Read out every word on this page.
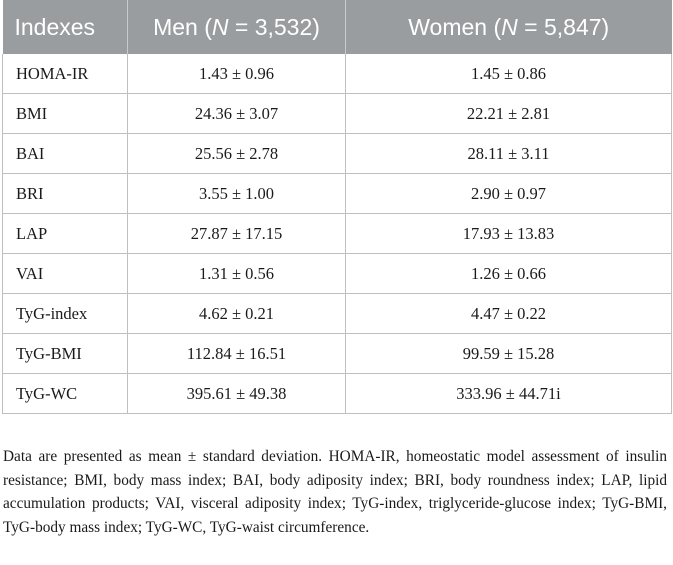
Indexes	Men (N = 3,532)	Women (N = 5,847)
HOMA-IR	1.43 ± 0.96	1.45 ± 0.86
BMI	24.36 ± 3.07	22.21 ± 2.81
BAI	25.56 ± 2.78	28.11 ± 3.11
BRI	3.55 ± 1.00	2.90 ± 0.97
LAP	27.87 ± 17.15	17.93 ± 13.83
VAI	1.31 ± 0.56	1.26 ± 0.66
TyG-index	4.62 ± 0.21	4.47 ± 0.22
TyG-BMI	112.84 ± 16.51	99.59 ± 15.28
TyG-WC	395.61 ± 49.38	333.96 ± 44.71i

Data are presented as mean ± standard deviation. HOMA-IR, homeostatic model assessment of insulin resistance; BMI, body mass index; BAI, body adiposity index; BRI, body roundness index; LAP, lipid accumulation products; VAI, visceral adiposity index; TyG-index, triglyceride-glucose index; TyG-BMI, TyG-body mass index; TyG-WC, TyG-waist circumference.
